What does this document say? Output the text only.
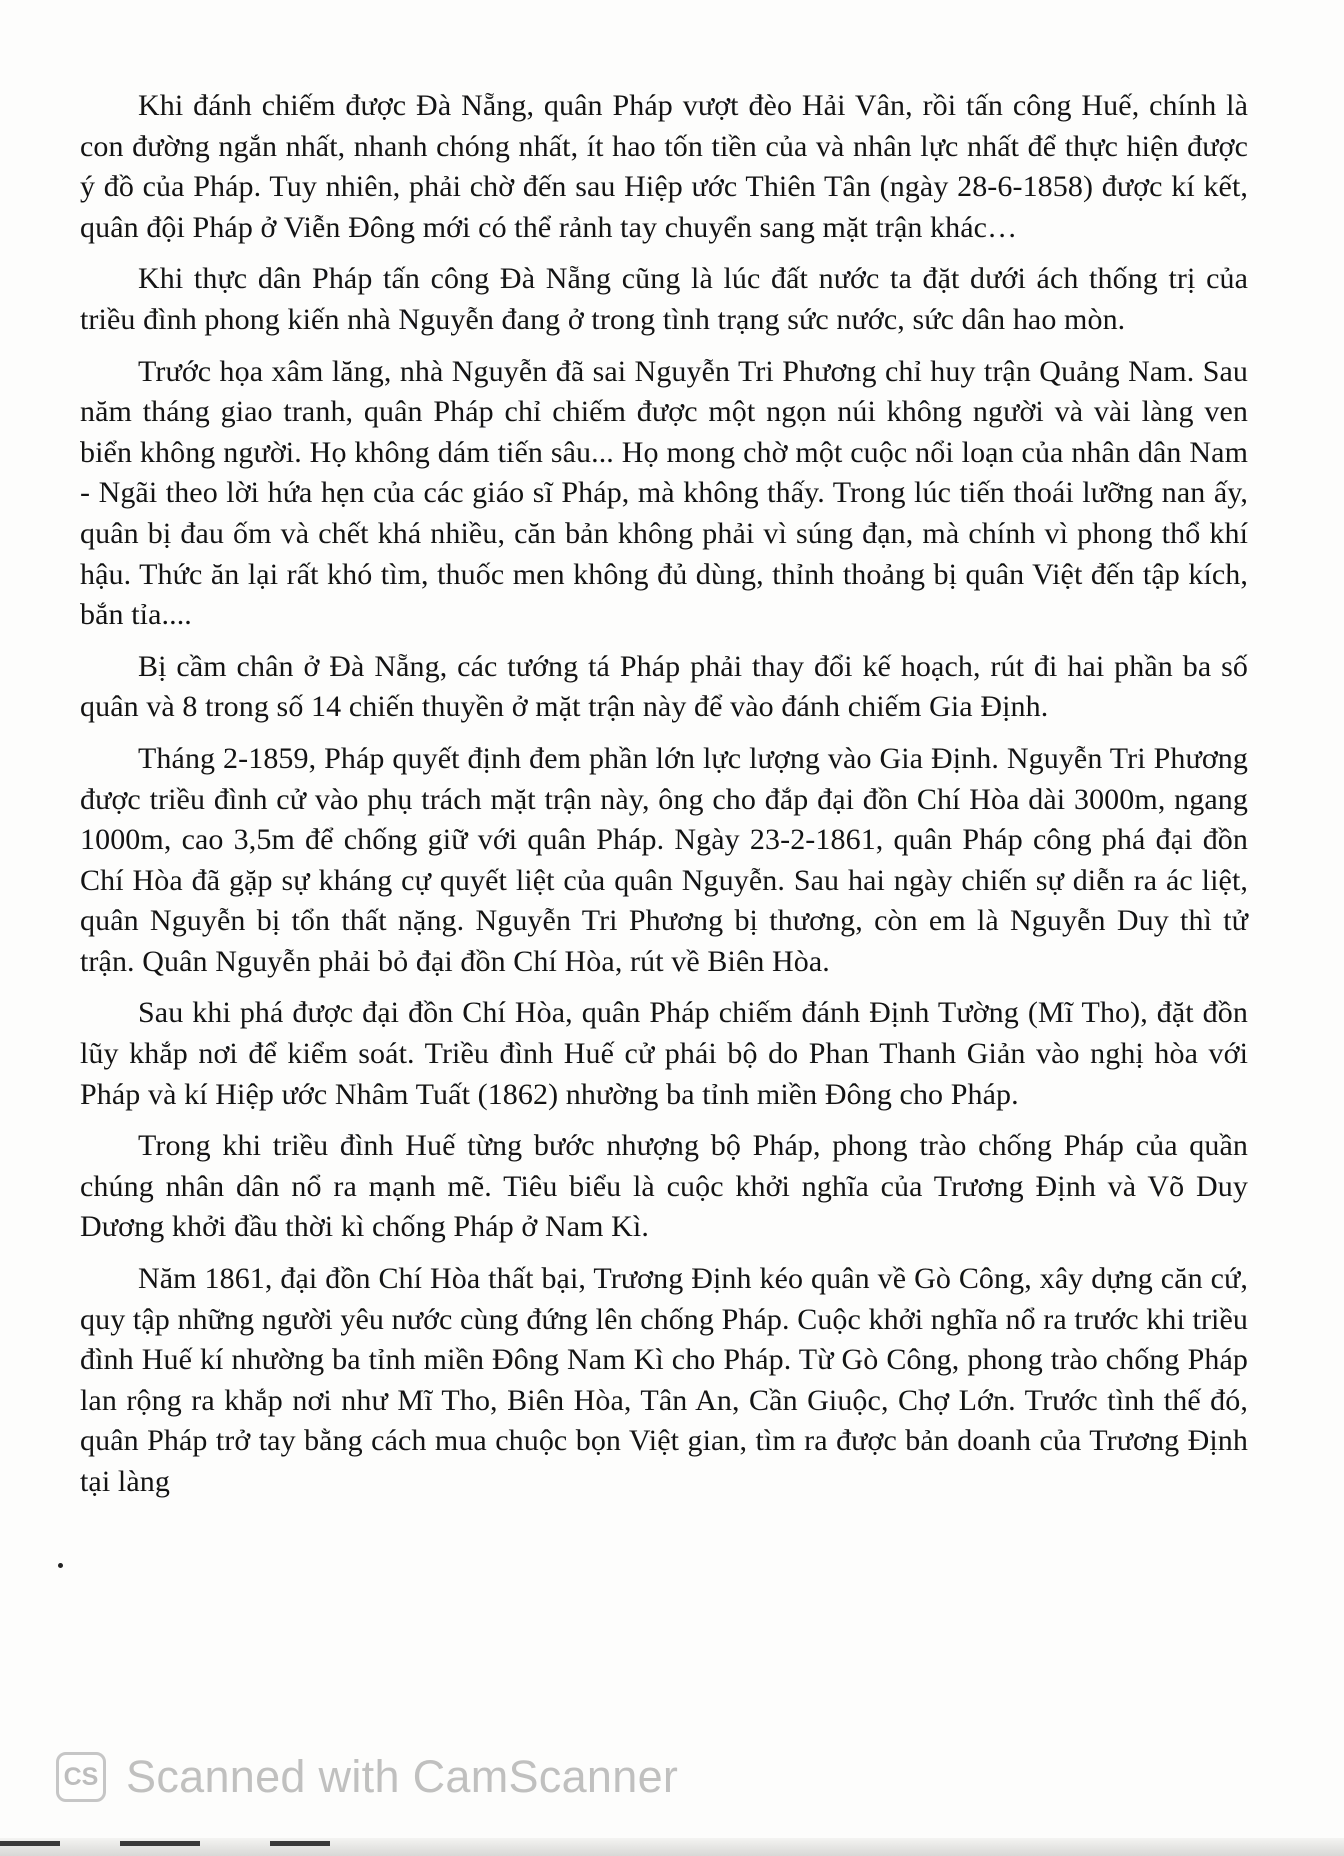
Khi đánh chiếm được Đà Nẵng, quân Pháp vượt đèo Hải Vân, rồi tấn công Huế, chính là con đường ngắn nhất, nhanh chóng nhất, ít hao tốn tiền của và nhân lực nhất để thực hiện được ý đồ của Pháp. Tuy nhiên, phải chờ đến sau Hiệp ước Thiên Tân (ngày 28-6-1858) được kí kết, quân đội Pháp ở Viễn Đông mới có thể rảnh tay chuyển sang mặt trận khác…

Khi thực dân Pháp tấn công Đà Nẵng cũng là lúc đất nước ta đặt dưới ách thống trị của triều đình phong kiến nhà Nguyễn đang ở trong tình trạng sức nước, sức dân hao mòn.

Trước họa xâm lăng, nhà Nguyễn đã sai Nguyễn Tri Phương chỉ huy trận Quảng Nam. Sau năm tháng giao tranh, quân Pháp chỉ chiếm được một ngọn núi không người và vài làng ven biển không người. Họ không dám tiến sâu... Họ mong chờ một cuộc nổi loạn của nhân dân Nam - Ngãi theo lời hứa hẹn của các giáo sĩ Pháp, mà không thấy. Trong lúc tiến thoái lưỡng nan ấy, quân bị đau ốm và chết khá nhiều, căn bản không phải vì súng đạn, mà chính vì phong thổ khí hậu. Thức ăn lại rất khó tìm, thuốc men không đủ dùng, thỉnh thoảng bị quân Việt đến tập kích, bắn tỉa....

Bị cầm chân ở Đà Nẵng, các tướng tá Pháp phải thay đổi kế hoạch, rút đi hai phần ba số quân và 8 trong số 14 chiến thuyền ở mặt trận này để vào đánh chiếm Gia Định.

Tháng 2-1859, Pháp quyết định đem phần lớn lực lượng vào Gia Định. Nguyễn Tri Phương được triều đình cử vào phụ trách mặt trận này, ông cho đắp đại đồn Chí Hòa dài 3000m, ngang 1000m, cao 3,5m để chống giữ với quân Pháp. Ngày 23-2-1861, quân Pháp công phá đại đồn Chí Hòa đã gặp sự kháng cự quyết liệt của quân Nguyễn. Sau hai ngày chiến sự diễn ra ác liệt, quân Nguyễn bị tổn thất nặng. Nguyễn Tri Phương bị thương, còn em là Nguyễn Duy thì tử trận. Quân Nguyễn phải bỏ đại đồn Chí Hòa, rút về Biên Hòa.

Sau khi phá được đại đồn Chí Hòa, quân Pháp chiếm đánh Định Tường (Mĩ Tho), đặt đồn lũy khắp nơi để kiểm soát. Triều đình Huế cử phái bộ do Phan Thanh Giản vào nghị hòa với Pháp và kí Hiệp ước Nhâm Tuất (1862) nhường ba tỉnh miền Đông cho Pháp.

Trong khi triều đình Huế từng bước nhượng bộ Pháp, phong trào chống Pháp của quần chúng nhân dân nổ ra mạnh mẽ. Tiêu biểu là cuộc khởi nghĩa của Trương Định và Võ Duy Dương khởi đầu thời kì chống Pháp ở Nam Kì.

Năm 1861, đại đồn Chí Hòa thất bại, Trương Định kéo quân về Gò Công, xây dựng căn cứ, quy tập những người yêu nước cùng đứng lên chống Pháp. Cuộc khởi nghĩa nổ ra trước khi triều đình Huế kí nhường ba tỉnh miền Đông Nam Kì cho Pháp. Từ Gò Công, phong trào chống Pháp lan rộng ra khắp nơi như Mĩ Tho, Biên Hòa, Tân An, Cần Giuộc, Chợ Lớn. Trước tình thế đó, quân Pháp trở tay bằng cách mua chuộc bọn Việt gian, tìm ra được bản doanh của Trương Định tại làng

CS Scanned with CamScanner
